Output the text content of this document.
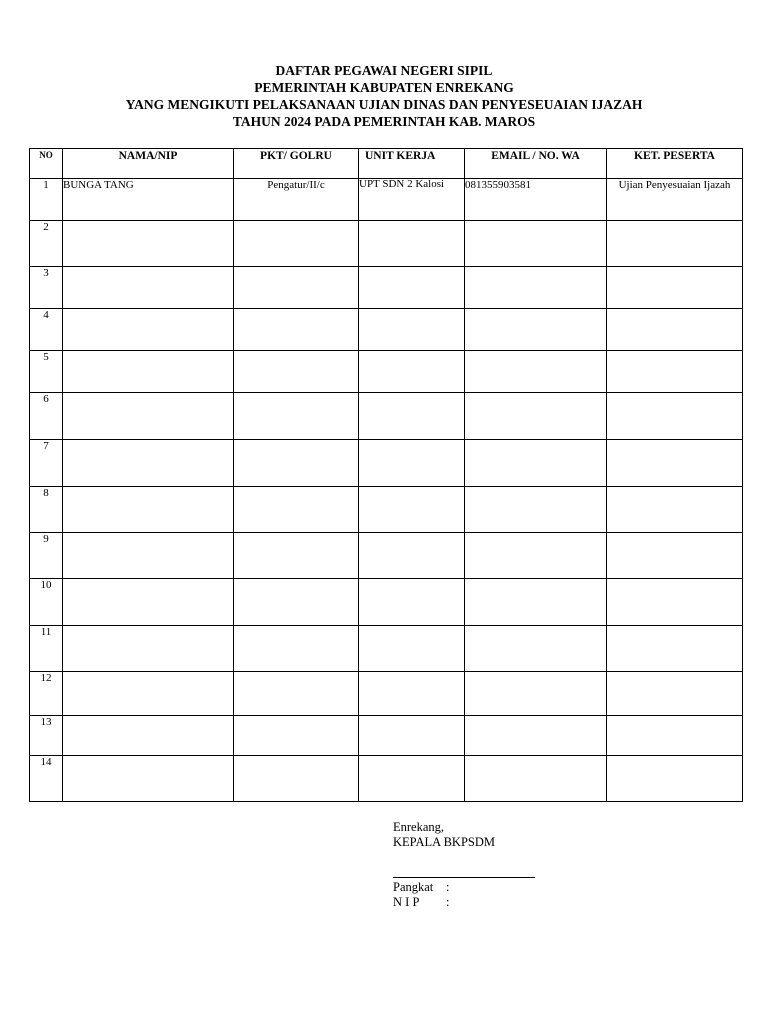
DAFTAR PEGAWAI NEGERI SIPIL
PEMERINTAH KABUPATEN ENREKANG
YANG MENGIKUTI PELAKSANAAN UJIAN DINAS DAN PENYESEUAIAN IJAZAH
TAHUN 2024 PADA PEMERINTAH KAB. MAROS
NO	NAMA/NIP	PKT/ GOLRU	UNIT KERJA	EMAIL / NO. WA	KET. PESERTA
1	BUNGA TANG	Pengatur/II/c	UPT SDN 2 Kalosi	081355903581	Ujian Penyesuaian Ijazah
2					
3					
4					
5					
6					
7					
8					
9					
10					
11					
12					
13					
14					
Enrekang,
KEPALA BKPSDM
Pangkat	:
N I P	:
